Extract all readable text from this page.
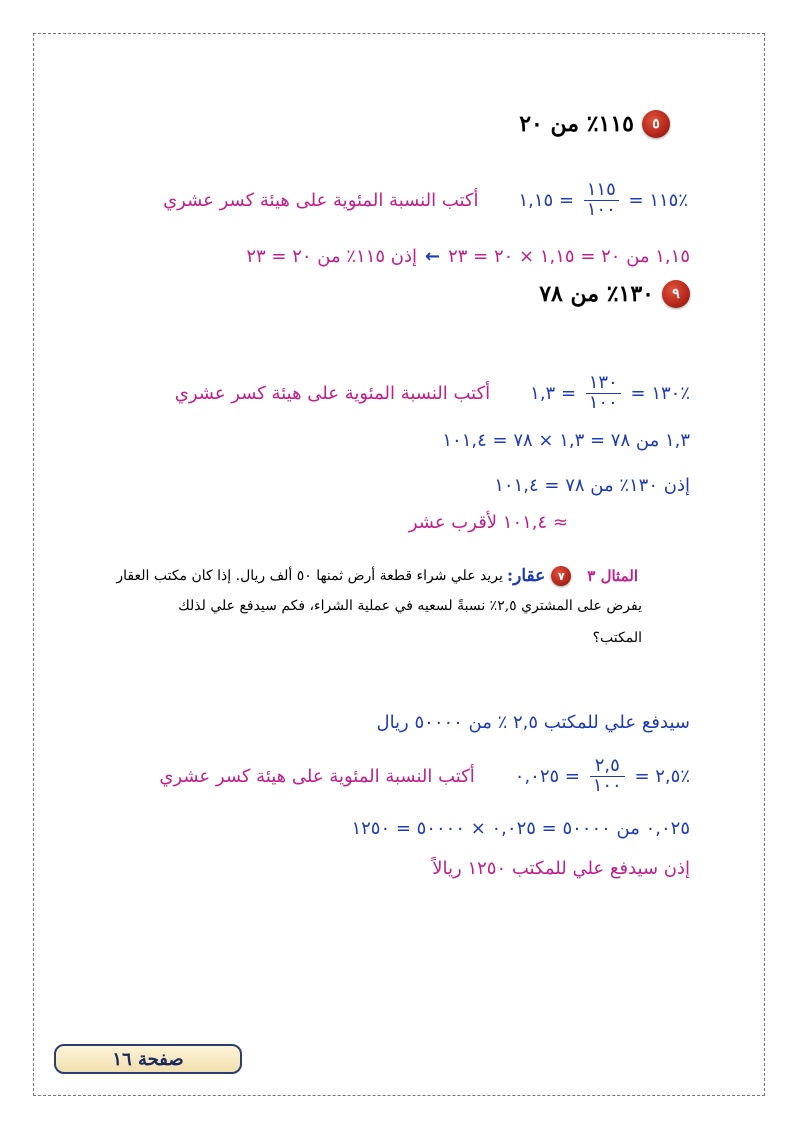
٥
١١٥٪ من ٢٠
٪١١٥
=
$\frac{١١٥}{١٠٠}$
=
١,١٥
أكتب النسبة المئوية على هيئة كسر عشري
١,١٥ من ٢٠ = ١,١٥ × ٢٠ = ٢٣
←
إذن ١١٥٪ من ٢٠ = ٢٣
٩
١٣٠٪ من ٧٨
٪١٣٠
=
$\frac{١٣٠}{١٠٠}$
=
١,٣
أكتب النسبة المئوية على هيئة كسر عشري
١,٣ من ٧٨ = ١,٣ × ٧٨ = ١٠١,٤
إذن ١٣٠٪ من ٧٨ = ١٠١,٤
≈ ١٠١,٤ لأقرب عشر
المثال ٣
٧
عقار:
يريد علي شراء قطعة أرض ثمنها ٥٠ ألف ريال. إذا كان مكتب العقار
يفرض على المشتري ٢,٥٪ نسبةً لسعيه في عملية الشراء، فكم سيدفع علي لذلك
المكتب؟
سيدفع علي للمكتب ٢,٥ ٪ من ٥٠٠٠٠ ريال
٪٢,٥
=
$\frac{٢,٥}{١٠٠}$
=
٠,٠٢٥
أكتب النسبة المئوية على هيئة كسر عشري
٠,٠٢٥ من ٥٠٠٠٠ = ٠,٠٢٥ × ٥٠٠٠٠ = ١٢٥٠
إذن سيدفع علي للمكتب ١٢٥٠ ريالاً
صفحة ١٦
